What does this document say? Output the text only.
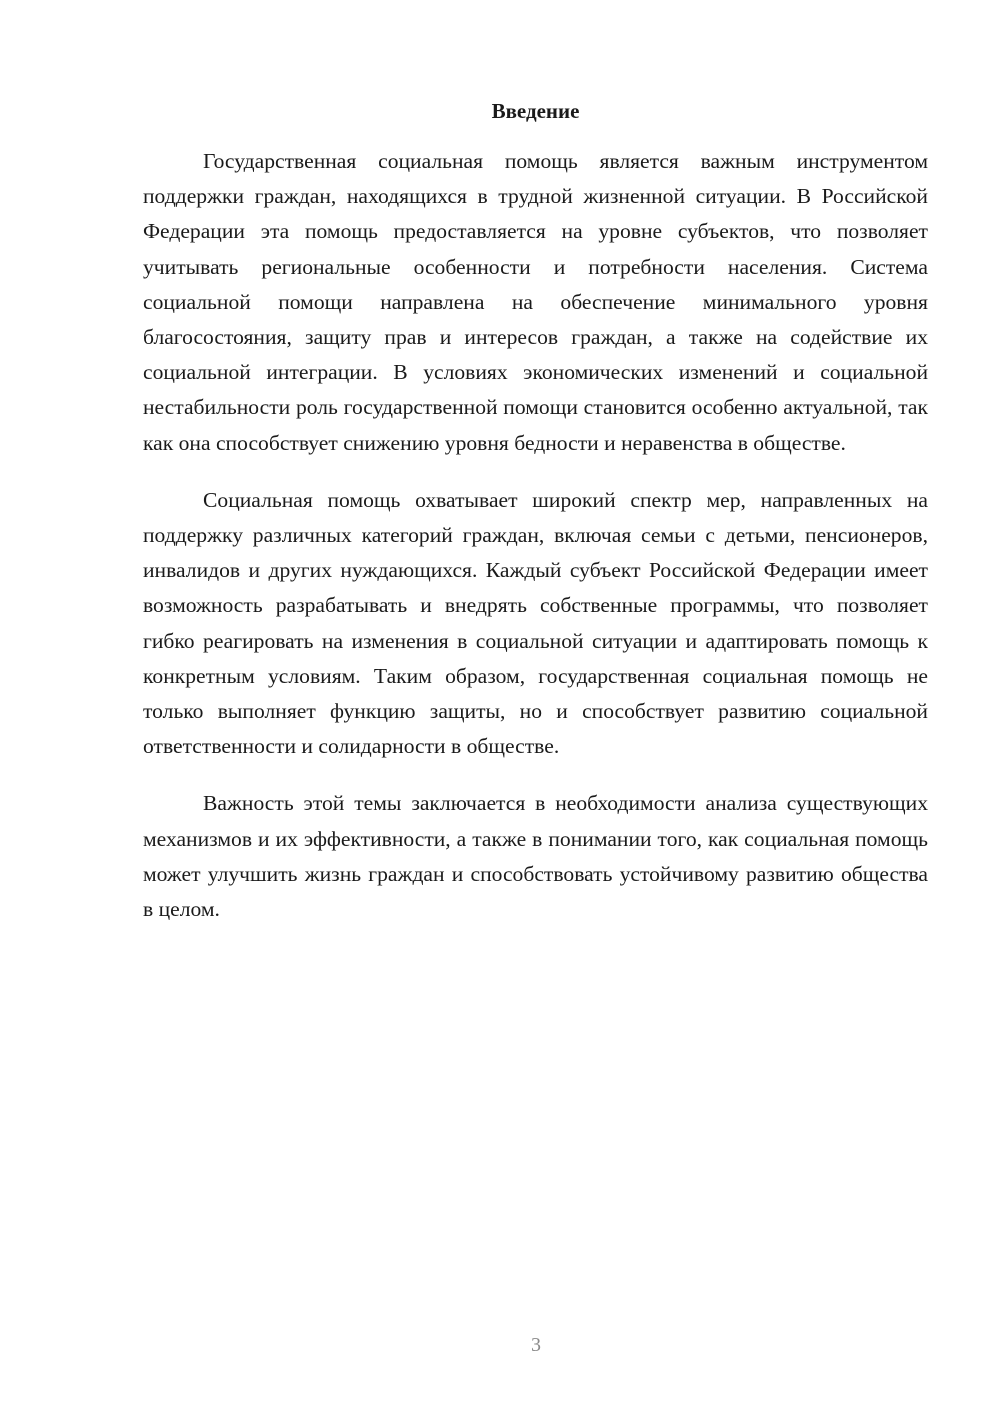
Введение

Государственная социальная помощь является важным инструментом поддержки граждан, находящихся в трудной жизненной ситуации. В Российской Федерации эта помощь предоставляется на уровне субъектов, что позволяет учитывать региональные особенности и потребности населения. Система социальной помощи направлена на обеспечение минимального уровня благосостояния, защиту прав и интересов граждан, а также на содействие их социальной интеграции. В условиях экономических изменений и социальной нестабильности роль государственной помощи становится особенно актуальной, так как она способствует снижению уровня бедности и неравенства в обществе.

Социальная помощь охватывает широкий спектр мер, направленных на поддержку различных категорий граждан, включая семьи с детьми, пенсионеров, инвалидов и других нуждающихся. Каждый субъект Российской Федерации имеет возможность разрабатывать и внедрять собственные программы, что позволяет гибко реагировать на изменения в социальной ситуации и адаптировать помощь к конкретным условиям. Таким образом, государственная социальная помощь не только выполняет функцию защиты, но и способствует развитию социальной ответственности и солидарности в обществе.

Важность этой темы заключается в необходимости анализа существующих механизмов и их эффективности, а также в понимании того, как социальная помощь может улучшить жизнь граждан и способствовать устойчивому развитию общества в целом.

3
